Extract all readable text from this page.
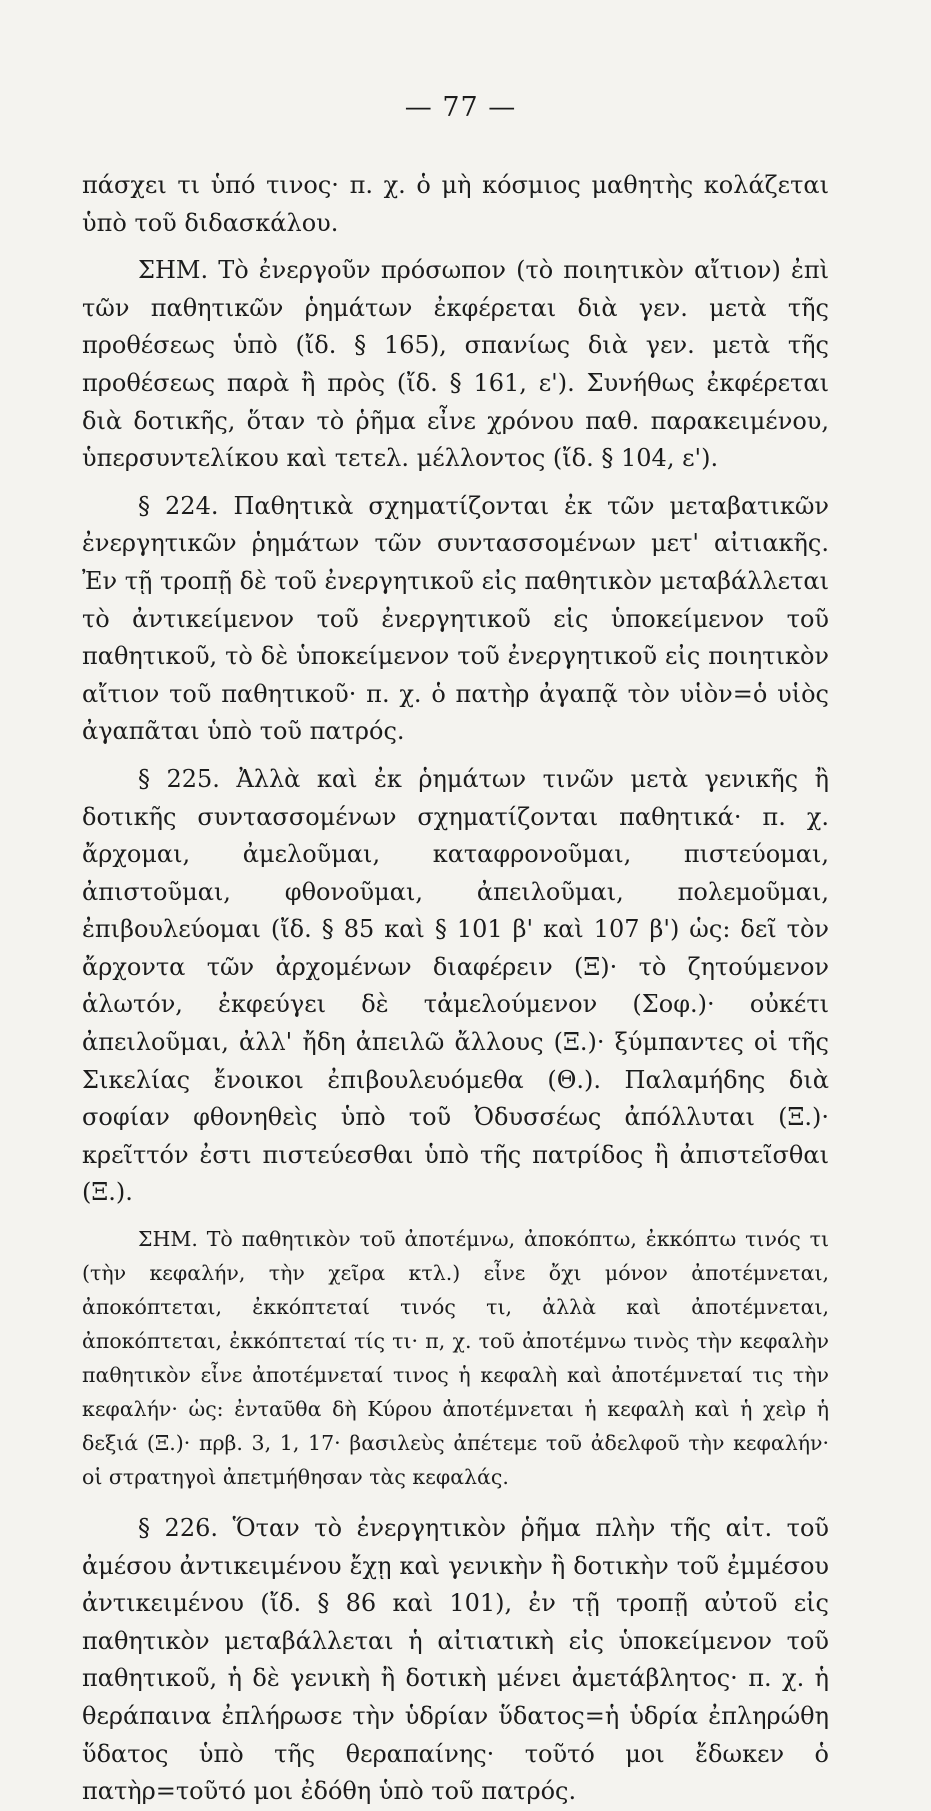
— 77 —

πάσχει τι ὑπό τινος· π. χ. ὁ μὴ κόσμιος μαθητὴς κολάζεται ὑπὸ τοῦ διδασκάλου.

ΣΗΜ. Τὸ ἐνεργοῦν πρόσωπον (τὸ ποιητικὸν αἴτιον) ἐπὶ τῶν παθητικῶν ῥημάτων ἐκφέρεται διὰ γεν. μετὰ τῆς προθέσεως ὑπὸ (ἴδ. § 165), σπανίως διὰ γεν. μετὰ τῆς προθέσεως παρὰ ἢ πρὸς (ἴδ. § 161, ε'). Συνήθως ἐκφέρεται διὰ δοτικῆς, ὅταν τὸ ῥῆμα εἶνε χρόνου παθ. παρακειμένου, ὑπερσυντελίκου καὶ τετελ. μέλλοντος (ἴδ. § 104, ε').

§ 224. Παθητικὰ σχηματίζονται ἐκ τῶν μεταβατικῶν ἐνεργητικῶν ῥημάτων τῶν συντασσομένων μετ' αἰτιακῆς. Ἐν τῇ τροπῇ δὲ τοῦ ἐνεργητικοῦ εἰς παθητικὸν μεταβάλλεται τὸ ἀντικείμενον τοῦ ἐνεργητικοῦ εἰς ὑποκείμενον τοῦ παθητικοῦ, τὸ δὲ ὑποκείμενον τοῦ ἐνεργητικοῦ εἰς ποιητικὸν αἴτιον τοῦ παθητικοῦ· π. χ. ὁ πατὴρ ἀγαπᾷ τὸν υἱὸν=ὁ υἱὸς ἀγαπᾶται ὑπὸ τοῦ πατρός.

§ 225. Ἀλλὰ καὶ ἐκ ῥημάτων τινῶν μετὰ γενικῆς ἢ δοτικῆς συντασσομένων σχηματίζονται παθητικά· π. χ. ἄρχομαι, ἀμελοῦμαι, καταφρονοῦμαι, πιστεύομαι, ἀπιστοῦμαι, φθονοῦμαι, ἀπειλοῦμαι, πολεμοῦμαι, ἐπιβουλεύομαι (ἴδ. § 85 καὶ § 101 β' καὶ 107 β') ὡς: δεῖ τὸν ἄρχοντα τῶν ἀρχομένων διαφέρειν (Ξ)· τὸ ζητούμενον ἁλωτόν, ἐκφεύγει δὲ τἀμελούμενον (Σοφ.)· οὐκέτι ἀπειλοῦμαι, ἀλλ' ἤδη ἀπειλῶ ἄλλους (Ξ.)· ξύμπαντες οἱ τῆς Σικελίας ἔνοικοι ἐπιβουλευόμεθα (Θ.). Παλαμήδης διὰ σοφίαν φθονηθεὶς ὑπὸ τοῦ Ὀδυσσέως ἀπόλλυται (Ξ.)· κρεῖττόν ἐστι πιστεύεσθαι ὑπὸ τῆς πατρίδος ἢ ἀπιστεῖσθαι (Ξ.).

ΣΗΜ. Τὸ παθητικὸν τοῦ ἀποτέμνω, ἀποκόπτω, ἐκκόπτω τινός τι (τὴν κεφαλήν, τὴν χεῖρα κτλ.) εἶνε ὄχι μόνον ἀποτέμνεται, ἀποκόπτεται, ἐκκόπτεταί τινός τι, ἀλλὰ καὶ ἀποτέμνεται, ἀποκόπτεται, ἐκκόπτεταί τίς τι· π, χ. τοῦ ἀποτέμνω τινὸς τὴν κεφαλὴν παθητικὸν εἶνε ἀποτέμνεταί τινος ἡ κεφαλὴ καὶ ἀποτέμνεταί τις τὴν κεφαλήν· ὡς: ἐνταῦθα δὴ Κύρου ἀποτέμνεται ἡ κεφαλὴ καὶ ἡ χεὶρ ἡ δεξιά (Ξ.)· πρβ. 3, 1, 17· βασιλεὺς ἀπέτεμε τοῦ ἀδελφοῦ τὴν κεφαλήν· οἱ στρατηγοὶ ἀπετμήθησαν τὰς κεφαλάς.

§ 226. Ὅταν τὸ ἐνεργητικὸν ῥῆμα πλὴν τῆς αἰτ. τοῦ ἀμέσου ἀντικειμένου ἔχῃ καὶ γενικὴν ἢ δοτικὴν τοῦ ἐμμέσου ἀντικειμένου (ἴδ. § 86 καὶ 101), ἐν τῇ τροπῇ αὐτοῦ εἰς παθητικὸν μεταβάλλεται ἡ αἰτιατικὴ εἰς ὑποκείμενον τοῦ παθητικοῦ, ἡ δὲ γενικὴ ἢ δοτικὴ μένει ἀμετάβλητος· π. χ. ἡ θεράπαινα ἐπλήρωσε τὴν ὑδρίαν ὕδατος=ἡ ὑδρία ἐπληρώθη ὕδατος ὑπὸ τῆς θεραπαίνης· τοῦτό μοι ἔδωκεν ὁ πατὴρ=τοῦτό μοι ἐδόθη ὑπὸ τοῦ πατρός.
